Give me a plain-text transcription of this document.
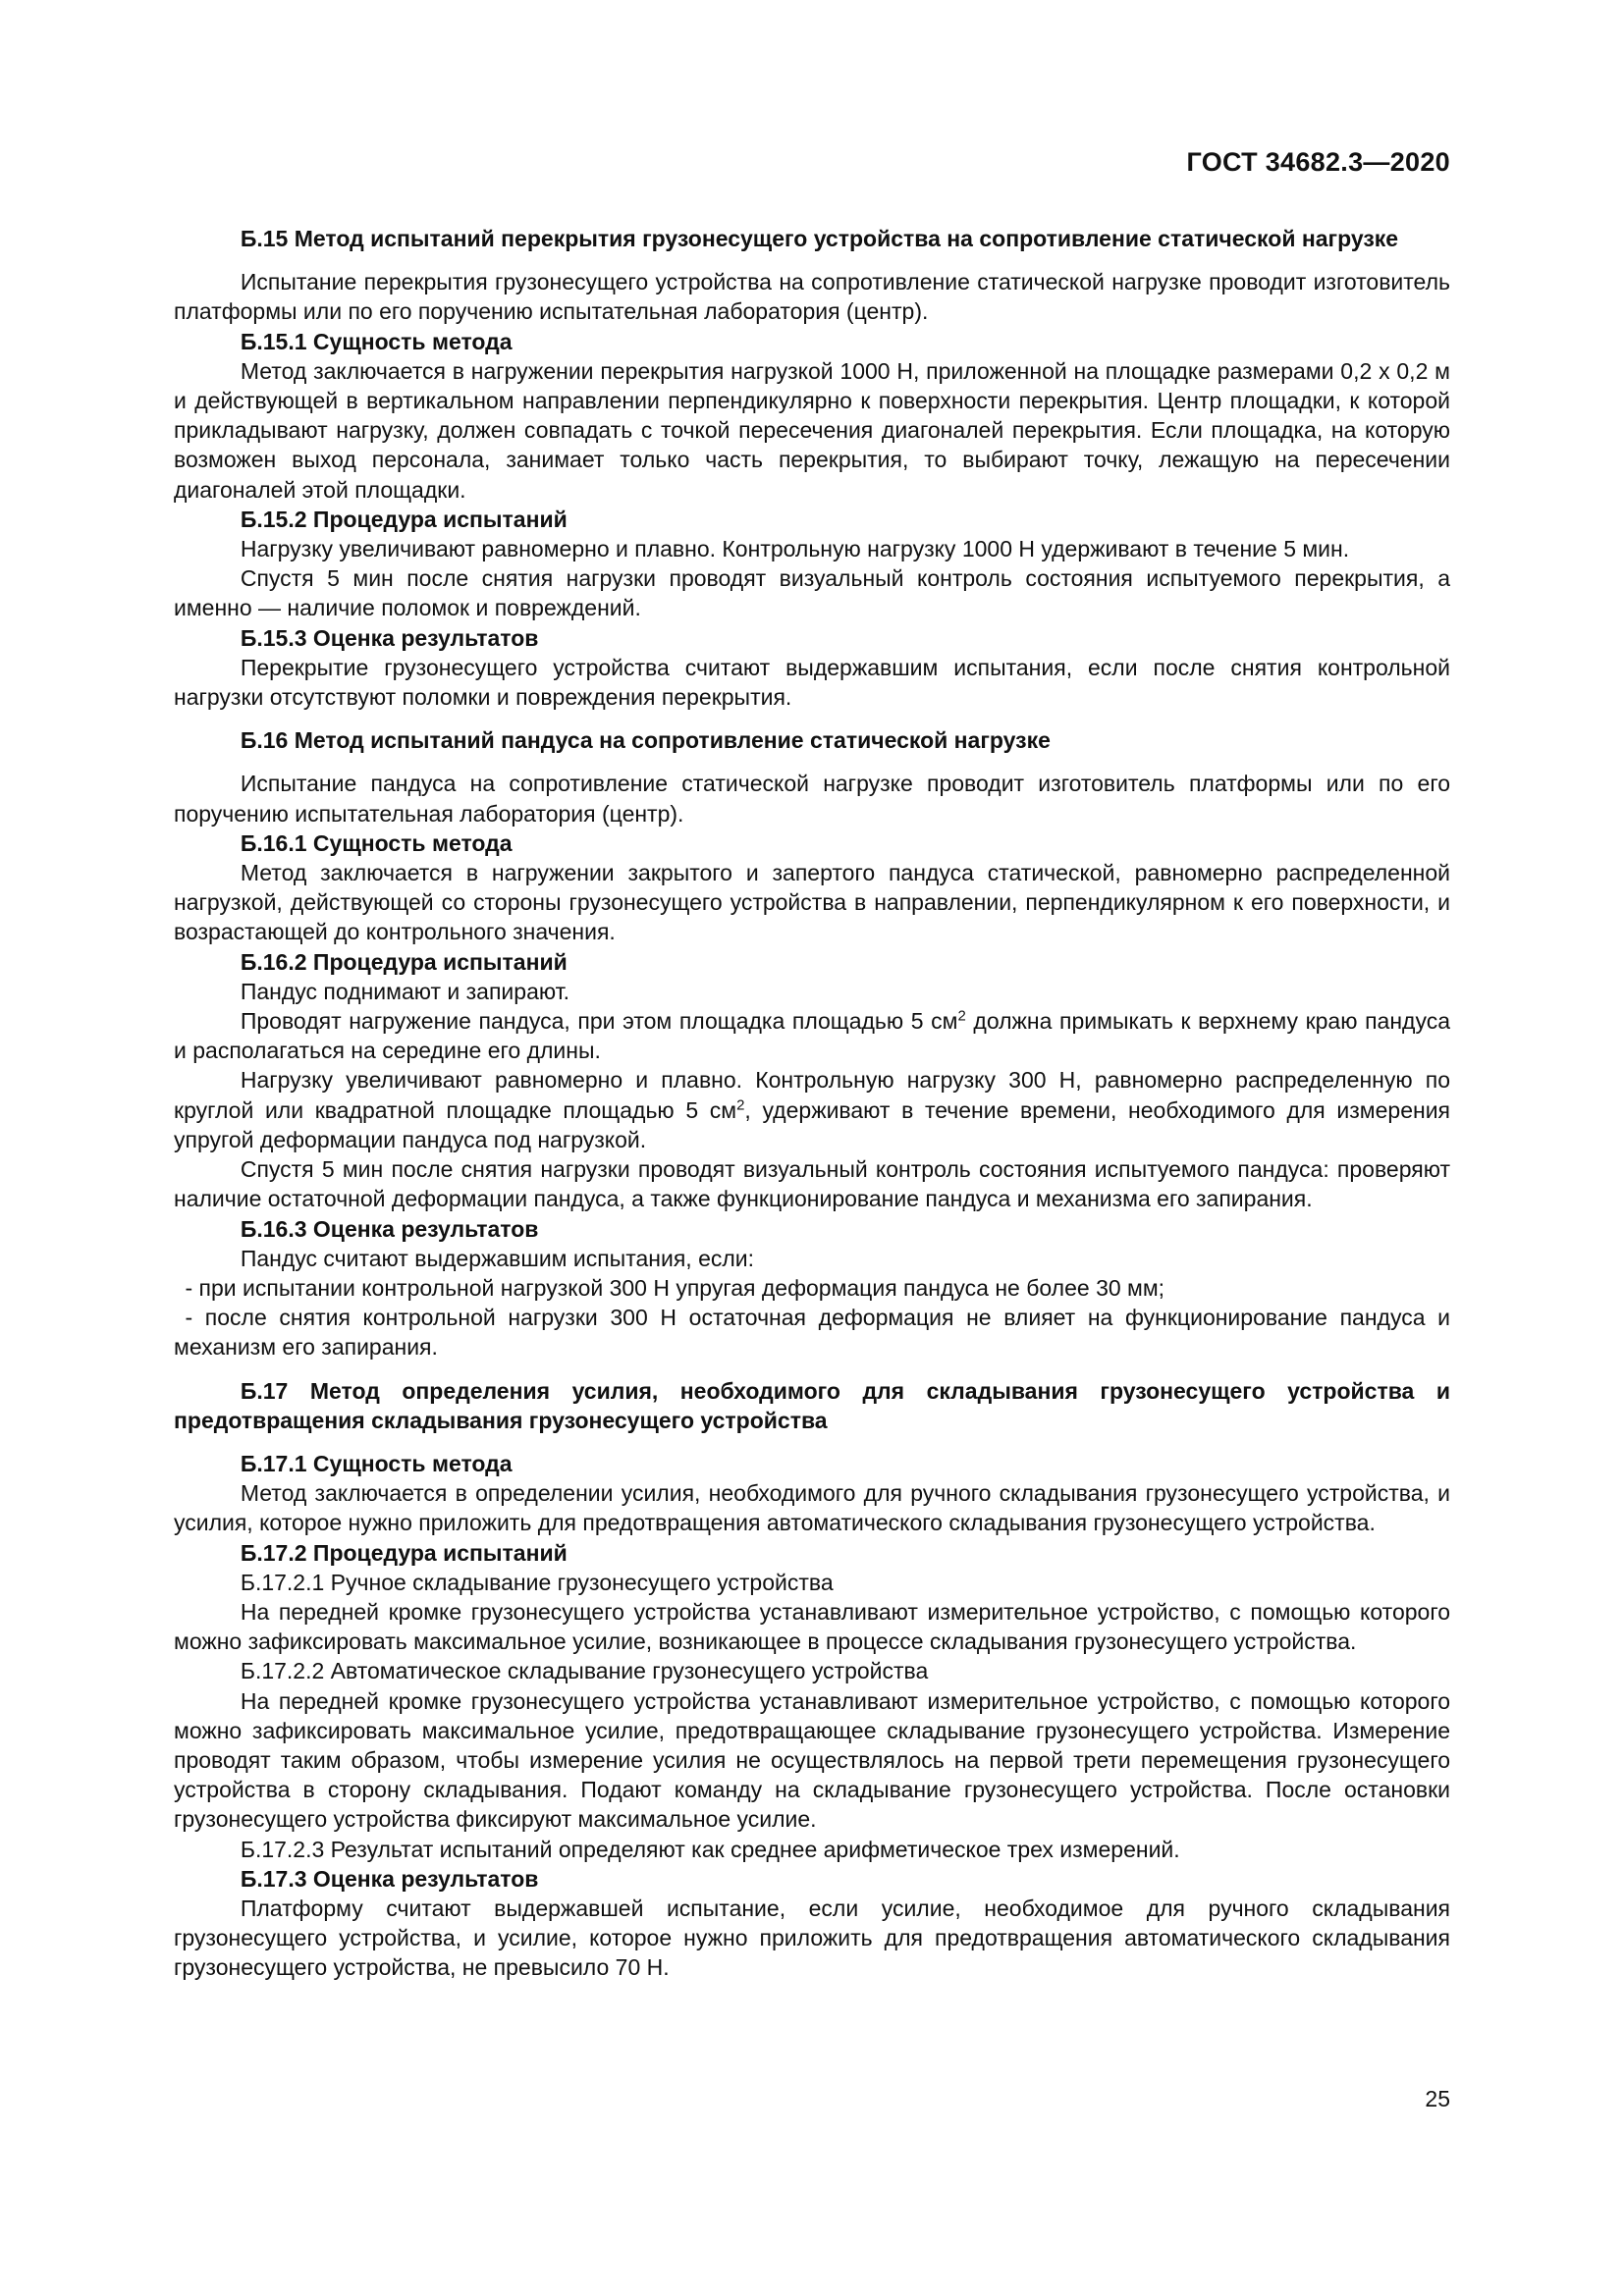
ГОСТ 34682.3—2020

Б.15 Метод испытаний перекрытия грузонесущего устройства на сопротивление статической нагрузке

Испытание перекрытия грузонесущего устройства на сопротивление статической нагрузке проводит изготовитель платформы или по его поручению испытательная лаборатория (центр).

Б.15.1 Сущность метода

Метод заключается в нагружении перекрытия нагрузкой 1000 Н, приложенной на площадке размерами 0,2 х 0,2 м и действующей в вертикальном направлении перпендикулярно к поверхности перекрытия. Центр площадки, к которой прикладывают нагрузку, должен совпадать с точкой пересечения диагоналей перекрытия. Если площадка, на которую возможен выход персонала, занимает только часть перекрытия, то выбирают точку, лежащую на пересечении диагоналей этой площадки.

Б.15.2 Процедура испытаний

Нагрузку увеличивают равномерно и плавно. Контрольную нагрузку 1000 Н удерживают в течение 5 мин.

Спустя 5 мин после снятия нагрузки проводят визуальный контроль состояния испытуемого перекрытия, а именно — наличие поломок и повреждений.

Б.15.3 Оценка результатов

Перекрытие грузонесущего устройства считают выдержавшим испытания, если после снятия контрольной нагрузки отсутствуют поломки и повреждения перекрытия.

Б.16 Метод испытаний пандуса на сопротивление статической нагрузке

Испытание пандуса на сопротивление статической нагрузке проводит изготовитель платформы или по его поручению испытательная лаборатория (центр).

Б.16.1 Сущность метода

Метод заключается в нагружении закрытого и запертого пандуса статической, равномерно распределенной нагрузкой, действующей со стороны грузонесущего устройства в направлении, перпендикулярном к его поверхности, и возрастающей до контрольного значения.

Б.16.2 Процедура испытаний

Пандус поднимают и запирают.

Проводят нагружение пандуса, при этом площадка площадью 5 $см^2$ должна примыкать к верхнему краю пандуса и располагаться на середине его длины.

Нагрузку увеличивают равномерно и плавно. Контрольную нагрузку 300 Н, равномерно распределенную по круглой или квадратной площадке площадью 5 $см^2$, удерживают в течение времени, необходимого для измерения упругой деформации пандуса под нагрузкой.

Спустя 5 мин после снятия нагрузки проводят визуальный контроль состояния испытуемого пандуса: проверяют наличие остаточной деформации пандуса, а также функционирование пандуса и механизма его запирания.

Б.16.3 Оценка результатов

Пандус считают выдержавшим испытания, если:

- при испытании контрольной нагрузкой 300 Н упругая деформация пандуса не более 30 мм;

- после снятия контрольной нагрузки 300 Н остаточная деформация не влияет на функционирование пандуса и механизм его запирания.

Б.17 Метод определения усилия, необходимого для складывания грузонесущего устройства и предотвращения складывания грузонесущего устройства

Б.17.1 Сущность метода

Метод заключается в определении усилия, необходимого для ручного складывания грузонесущего устройства, и усилия, которое нужно приложить для предотвращения автоматического складывания грузонесущего устройства.

Б.17.2 Процедура испытаний

Б.17.2.1 Ручное складывание грузонесущего устройства

На передней кромке грузонесущего устройства устанавливают измерительное устройство, с помощью которого можно зафиксировать максимальное усилие, возникающее в процессе складывания грузонесущего устройства.

Б.17.2.2 Автоматическое складывание грузонесущего устройства

На передней кромке грузонесущего устройства устанавливают измерительное устройство, с помощью которого можно зафиксировать максимальное усилие, предотвращающее складывание грузонесущего устройства. Измерение проводят таким образом, чтобы измерение усилия не осуществлялось на первой трети перемещения грузонесущего устройства в сторону складывания. Подают команду на складывание грузонесущего устройства. После остановки грузонесущего устройства фиксируют максимальное усилие.

Б.17.2.3 Результат испытаний определяют как среднее арифметическое трех измерений.

Б.17.3 Оценка результатов

Платформу считают выдержавшей испытание, если усилие, необходимое для ручного складывания грузонесущего устройства, и усилие, которое нужно приложить для предотвращения автоматического складывания грузонесущего устройства, не превысило 70 Н.

25
